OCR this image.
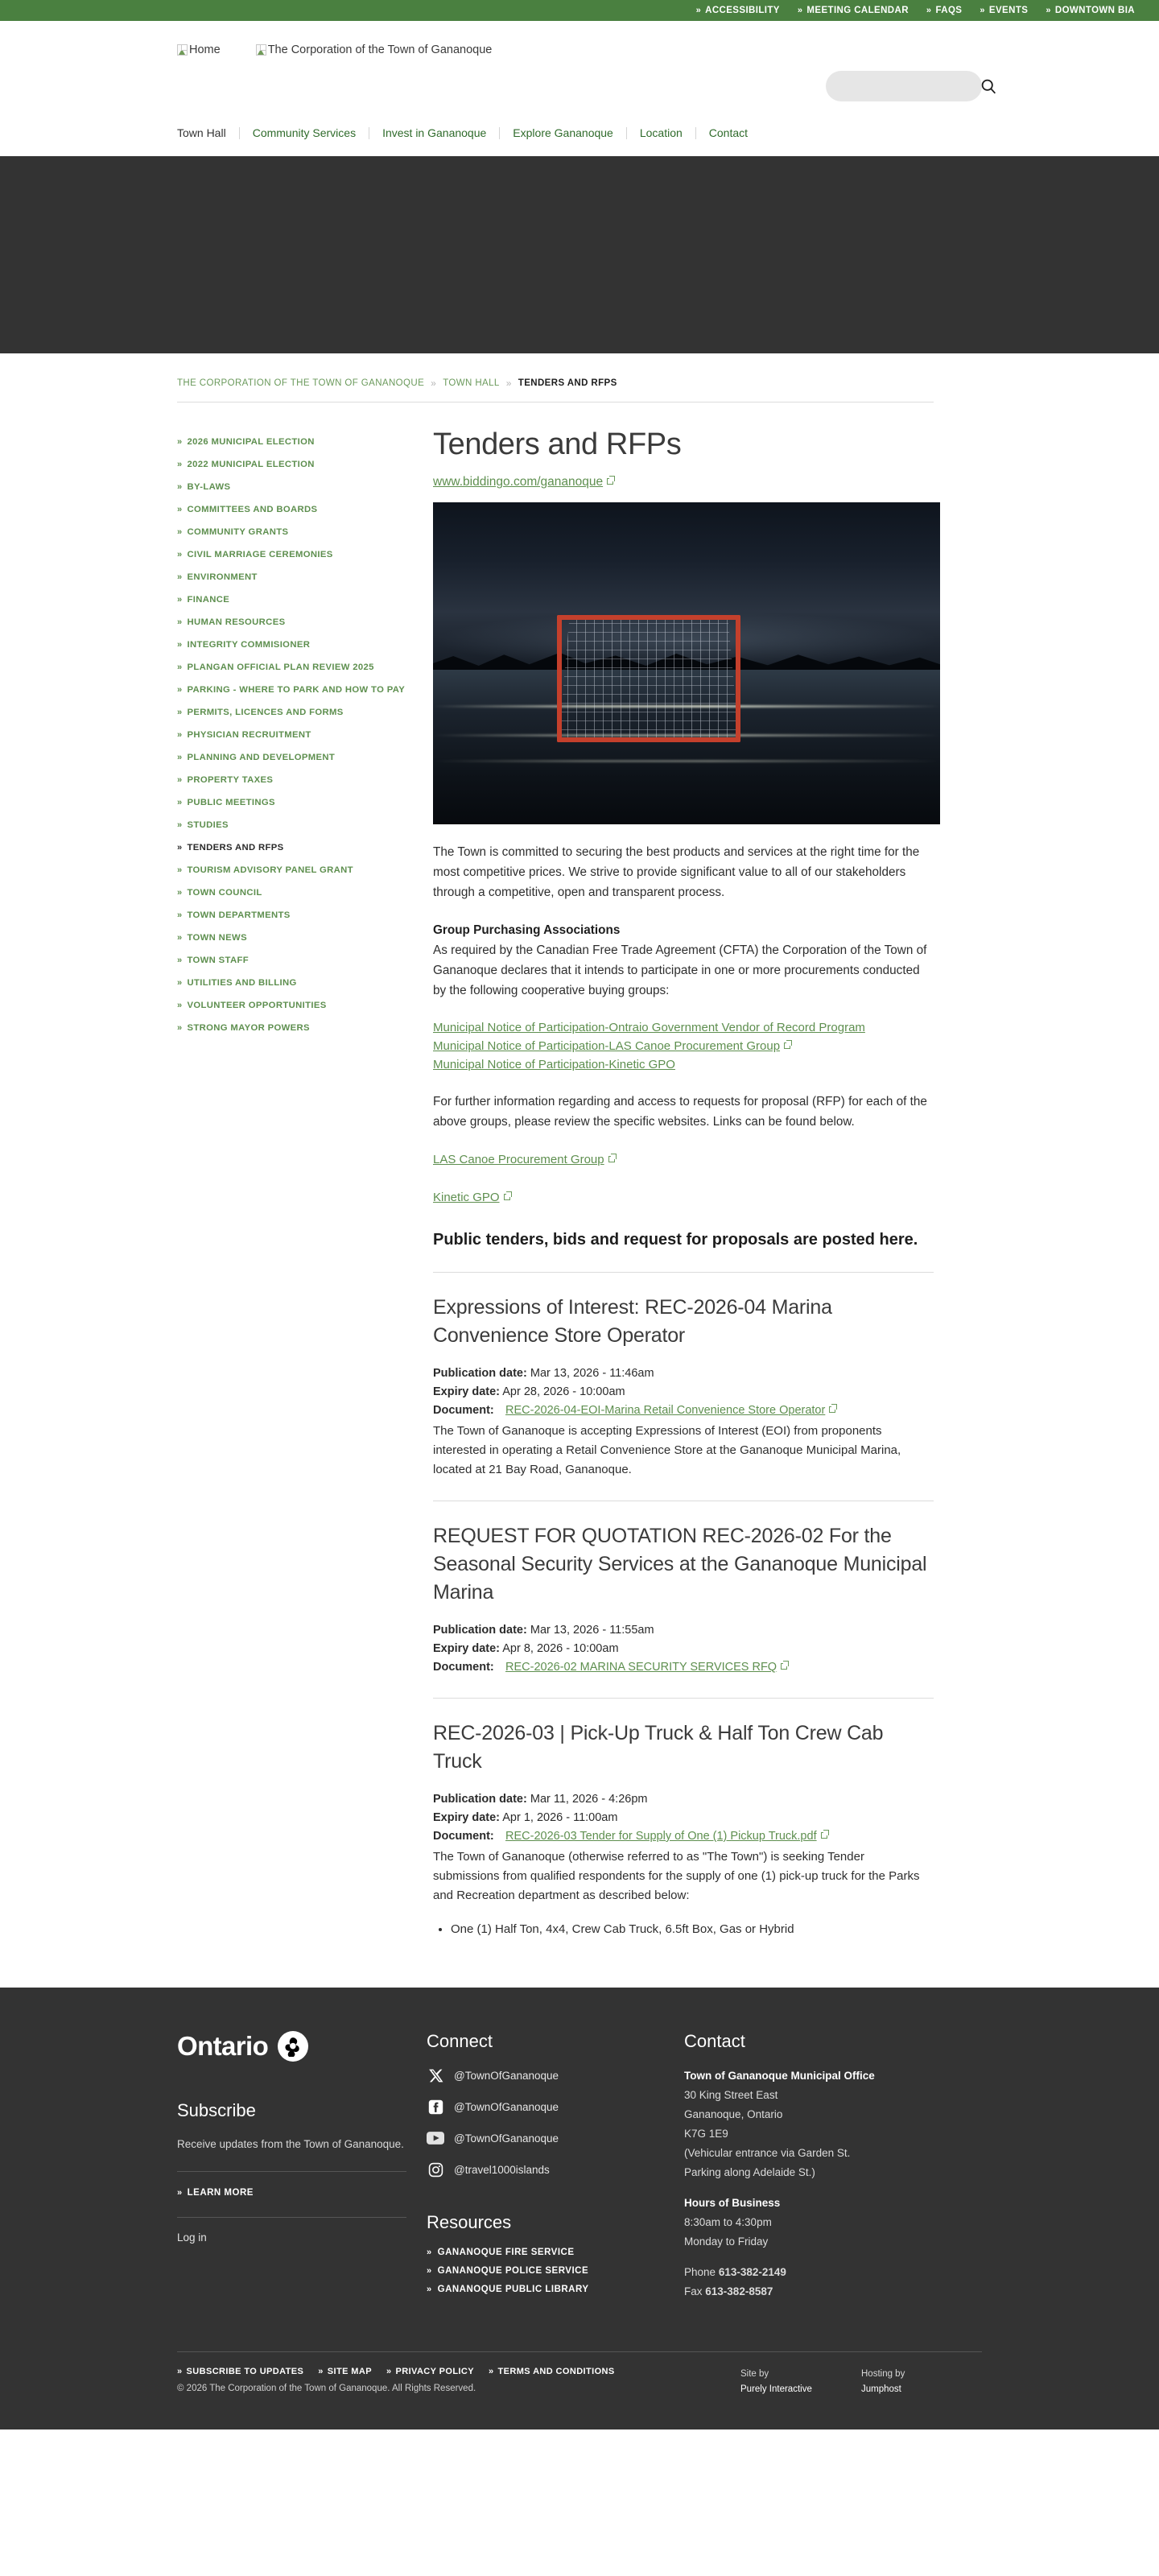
» ACCESSIBILITY » MEETING CALENDAR » FAQS » EVENTS » DOWNTOWN BIA
Home	The Corporation of the Town of Gananoque
Town Hall	Community Services	Invest in Gananoque	Explore Gananoque	Location	Contact
THE CORPORATION OF THE TOWN OF GANANOQUE » TOWN HALL » TENDERS AND RFPS
» 2026 MUNICIPAL ELECTION
» 2022 MUNICIPAL ELECTION
» BY-LAWS
» COMMITTEES AND BOARDS
» COMMUNITY GRANTS
» CIVIL MARRIAGE CEREMONIES
» ENVIRONMENT
» FINANCE
» HUMAN RESOURCES
» INTEGRITY COMMISIONER
» PLANGAN OFFICIAL PLAN REVIEW 2025
» PARKING - WHERE TO PARK AND HOW TO PAY
» PERMITS, LICENCES AND FORMS
» PHYSICIAN RECRUITMENT
» PLANNING AND DEVELOPMENT
» PROPERTY TAXES
» PUBLIC MEETINGS
» STUDIES
» TENDERS AND RFPS
» TOURISM ADVISORY PANEL GRANT
» TOWN COUNCIL
» TOWN DEPARTMENTS
» TOWN NEWS
» TOWN STAFF
» UTILITIES AND BILLING
» VOLUNTEER OPPORTUNITIES
» STRONG MAYOR POWERS
Tenders and RFPs
www.biddingo.com/gananoque

The Town is committed to securing the best products and services at the right time for the most competitive prices. We strive to provide significant value to all of our stakeholders through a competitive, open and transparent process.

Group Purchasing Associations

As required by the Canadian Free Trade Agreement (CFTA) the Corporation of the Town of Gananoque declares that it intends to participate in one or more procurements conducted by the following cooperative buying groups:

Municipal Notice of Participation-Ontraio Government Vendor of Record Program
Municipal Notice of Participation-LAS Canoe Procurement Group
Municipal Notice of Participation-Kinetic GPO

For further information regarding and access to requests for proposal (RFP) for each of the above groups, please review the specific websites. Links can be found below.

LAS Canoe Procurement Group

Kinetic GPO

Public tenders, bids and request for proposals are posted here.
Expressions of Interest: REC-2026-04 Marina Convenience Store Operator
Publication date: Mar 13, 2026 - 11:46am
Expiry date: Apr 28, 2026 - 10:00am
Document: REC-2026-04-EOI-Marina Retail Convenience Store Operator
The Town of Gananoque is accepting Expressions of Interest (EOI) from proponents interested in operating a Retail Convenience Store at the Gananoque Municipal Marina, located at 21 Bay Road, Gananoque.
REQUEST FOR QUOTATION REC-2026-02 For the Seasonal Security Services at the Gananoque Municipal Marina
Publication date: Mar 13, 2026 - 11:55am
Expiry date: Apr 8, 2026 - 10:00am
Document: REC-2026-02 MARINA SECURITY SERVICES RFQ
REC-2026-03 | Pick-Up Truck & Half Ton Crew Cab Truck
Publication date: Mar 11, 2026 - 4:26pm
Expiry date: Apr 1, 2026 - 11:00am
Document: REC-2026-03 Tender for Supply of One (1) Pickup Truck.pdf
The Town of Gananoque (otherwise referred to as "The Town") is seeking Tender submissions from qualified respondents for the supply of one (1) pick-up truck for the Parks and Recreation department as described below:
• One (1) Half Ton, 4x4, Crew Cab Truck, 6.5ft Box, Gas or Hybrid
Ontario
Subscribe
Receive updates from the Town of Gananoque.
» LEARN MORE
Log in
Connect
@TownOfGananoque
@TownOfGananoque
@TownOfGananoque
@travel1000islands
Resources
» GANANOQUE FIRE SERVICE
» GANANOQUE POLICE SERVICE
» GANANOQUE PUBLIC LIBRARY
Contact
Town of Gananoque Municipal Office
30 King Street East
Gananoque, Ontario
K7G 1E9
(Vehicular entrance via Garden St.
Parking along Adelaide St.)
Hours of Business
8:30am to 4:30pm
Monday to Friday
Phone 613-382-2149
Fax 613-382-8587
» SUBSCRIBE TO UPDATES » SITE MAP » PRIVACY POLICY » TERMS AND CONDITIONS
© 2026 The Corporation of the Town of Gananoque. All Rights Reserved.
Site by
Purely Interactive
Hosting by
Jumphost
